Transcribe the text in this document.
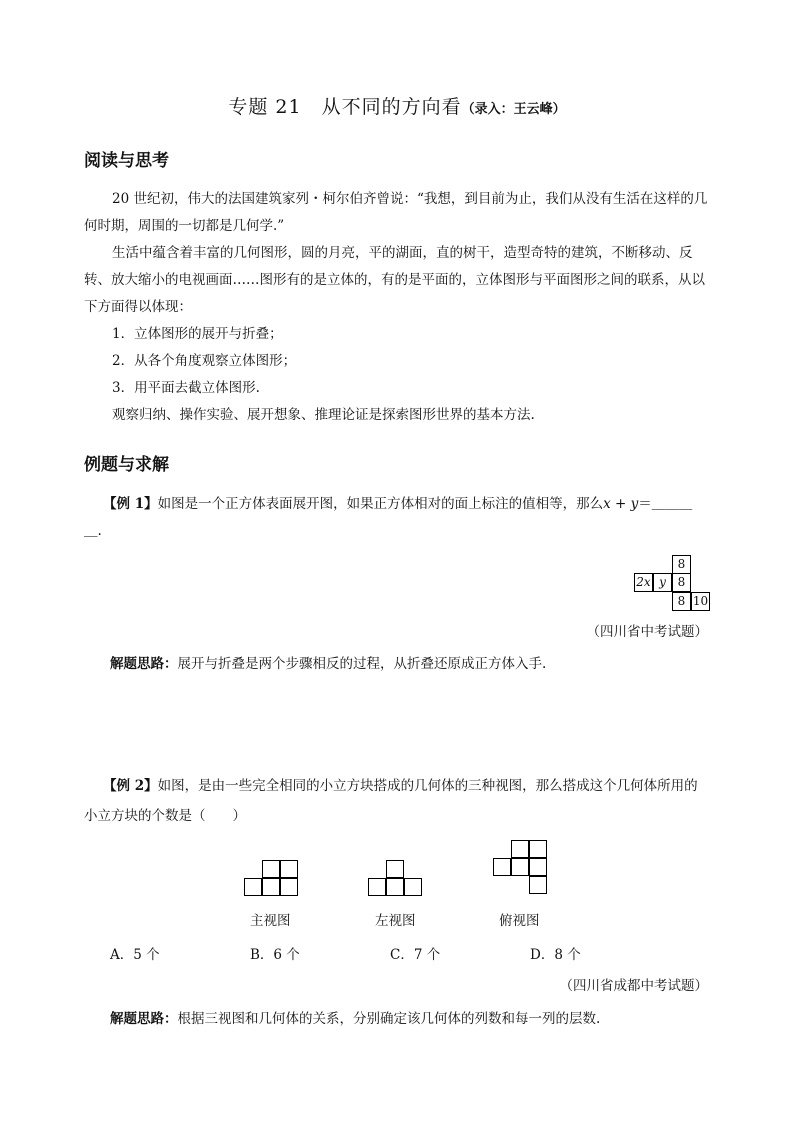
专题 21　从不同的方向看（录入：王云峰）
阅读与思考
20 世纪初，伟大的法国建筑家列・柯尔伯齐曾说：“我想，到目前为止，我们从没有生活在这样的几何时期，周围的一切都是几何学.”
生活中蕴含着丰富的几何图形，圆的月亮，平的湖面，直的树干，造型奇特的建筑，不断移动、反转、放大缩小的电视画面……图形有的是立体的，有的是平面的，立体图形与平面图形之间的联系，从以下方面得以体现：
1．立体图形的展开与折叠；
2．从各个角度观察立体图形；
3．用平面去截立体图形.
观察归纳、操作实验、展开想象、推理论证是探索图形世界的基本方法.
例题与求解
【例 1】如图是一个正方体表面展开图，如果正方体相对的面上标注的值相等，那么x + y＝＿＿＿
＿.
8
2x y 8
8 10
（四川省中考试题）
解题思路：展开与折叠是两个步骤相反的过程，从折叠还原成正方体入手.
【例 2】如图，是由一些完全相同的小立方块搭成的几何体的三种视图，那么搭成这个几何体所用的
小立方块的个数是（　　）
主视图	左视图	俯视图
A．5 个	B．6 个	C．7 个	D．8 个
（四川省成都中考试题）
解题思路：根据三视图和几何体的关系，分别确定该几何体的列数和每一列的层数.
